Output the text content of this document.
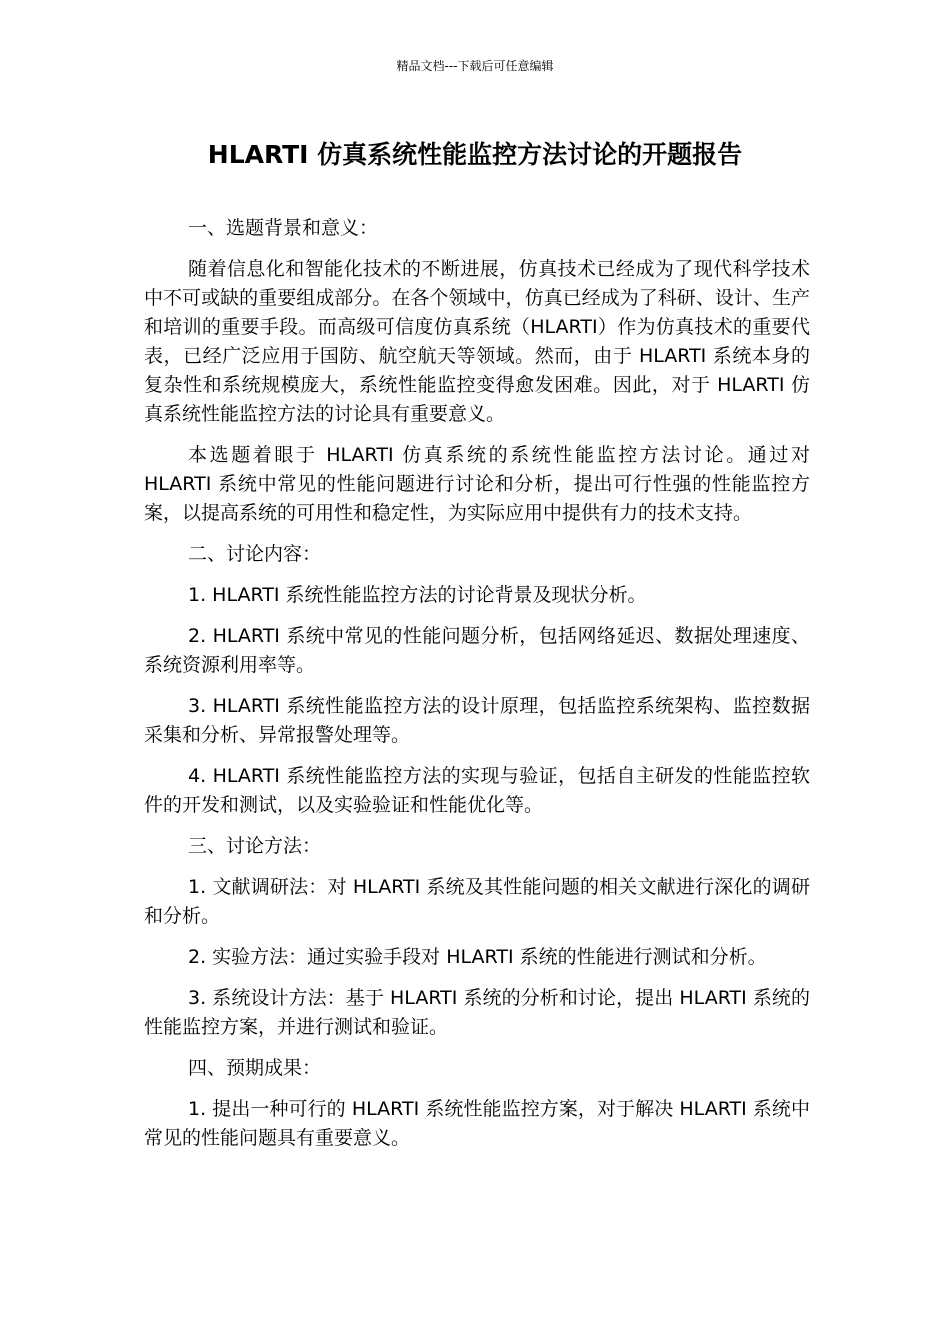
精品文档---下载后可任意编辑
HLARTI 仿真系统性能监控方法讨论的开题报告

一、选题背景和意义：

随着信息化和智能化技术的不断进展，仿真技术已经成为了现代科学技术中不可或缺的重要组成部分。在各个领域中，仿真已经成为了科研、设计、生产和培训的重要手段。而高级可信度仿真系统（HLARTI）作为仿真技术的重要代表，已经广泛应用于国防、航空航天等领域。然而，由于 HLARTI 系统本身的复杂性和系统规模庞大，系统性能监控变得愈发困难。因此，对于 HLARTI 仿真系统性能监控方法的讨论具有重要意义。

本选题着眼于 HLARTI 仿真系统的系统性能监控方法讨论。通过对 HLARTI 系统中常见的性能问题进行讨论和分析，提出可行性强的性能监控方案，以提高系统的可用性和稳定性，为实际应用中提供有力的技术支持。

二、讨论内容：

1. HLARTI 系统性能监控方法的讨论背景及现状分析。

2. HLARTI 系统中常见的性能问题分析，包括网络延迟、数据处理速度、系统资源利用率等。

3. HLARTI 系统性能监控方法的设计原理，包括监控系统架构、监控数据采集和分析、异常报警处理等。

4. HLARTI 系统性能监控方法的实现与验证，包括自主研发的性能监控软件的开发和测试，以及实验验证和性能优化等。

三、讨论方法：

1. 文献调研法：对 HLARTI 系统及其性能问题的相关文献进行深化的调研和分析。

2. 实验方法：通过实验手段对 HLARTI 系统的性能进行测试和分析。

3. 系统设计方法：基于 HLARTI 系统的分析和讨论，提出 HLARTI 系统的性能监控方案，并进行测试和验证。

四、预期成果：

1. 提出一种可行的 HLARTI 系统性能监控方案，对于解决 HLARTI 系统中常见的性能问题具有重要意义。
